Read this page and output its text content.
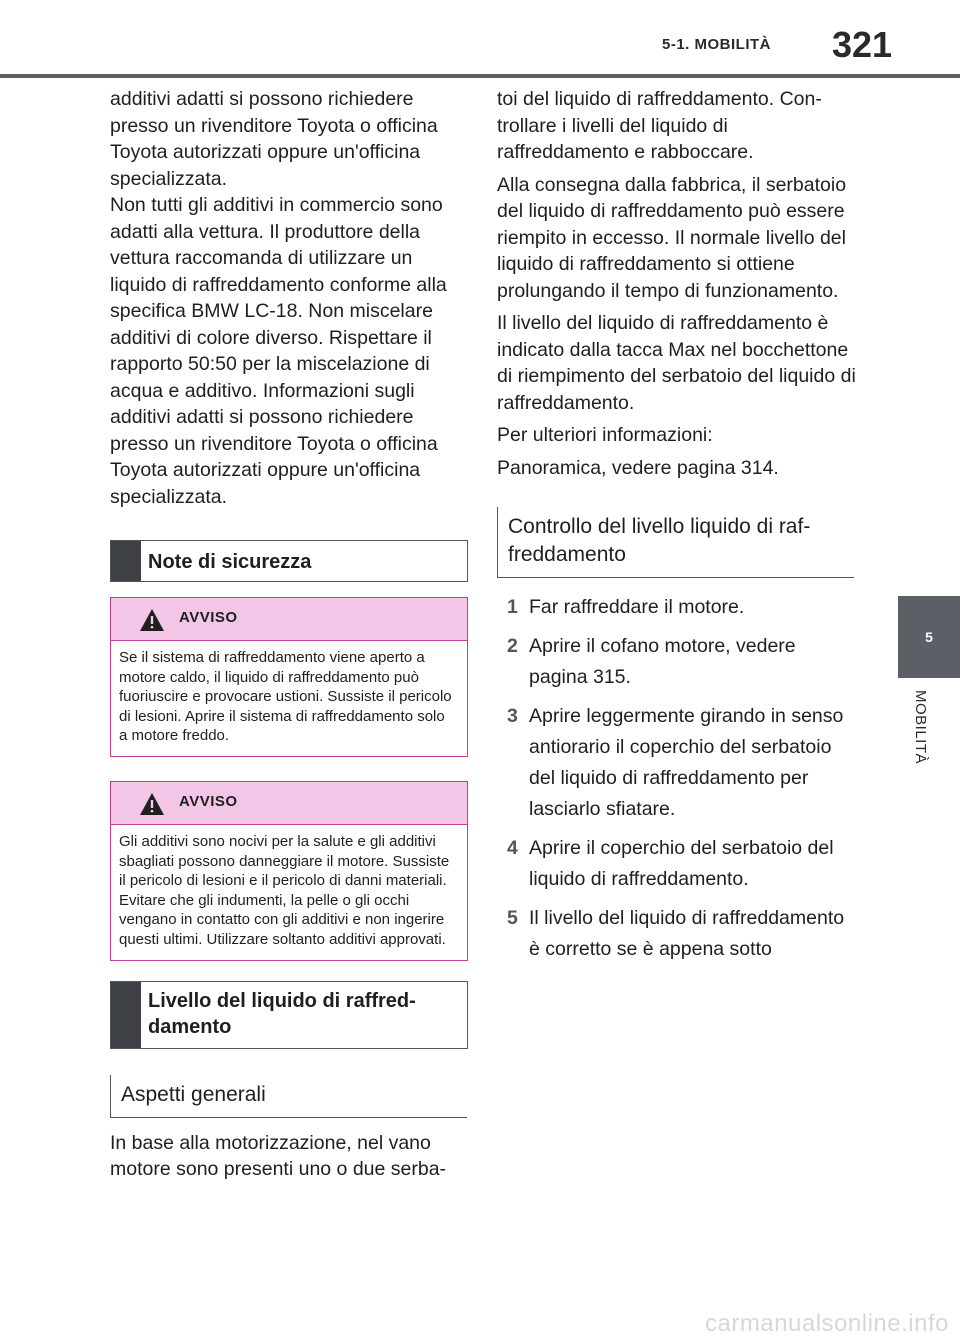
5-1. MOBILITÀ 321
5
MOBILITÀ

additivi adatti si possono richiedere presso un rivenditore Toyota o officina Toyota autorizzati oppure un'officina specializzata.

Non tutti gli additivi in commercio sono adatti alla vettura. Il produttore della vettura raccomanda di utilizzare un liquido di raffreddamento conforme alla specifica BMW LC-18. Non miscelare additivi di colore diverso. Rispettare il rapporto 50:50 per la miscelazione di acqua e additivo. Informazioni sugli additivi adatti si possono richiedere presso un rivenditore Toyota o officina Toyota autorizzati oppure un'officina specializzata.

Note di sicurezza
AVVISO
Se il sistema di raffreddamento viene aperto a motore caldo, il liquido di raffreddamento può fuoriuscire e provocare ustioni. Sussiste il pericolo di lesioni. Aprire il sistema di raffreddamento solo a motore freddo.
AVVISO
Gli additivi sono nocivi per la salute e gli additivi sbagliati possono danneggiare il motore. Sussiste il pericolo di lesioni e il pericolo di danni materiali. Evitare che gli indumenti, la pelle o gli occhi vengano in contatto con gli additivi e non ingerire questi ultimi. Utilizzare soltanto additivi approvati.
Livello del liquido di raffreddamento
Aspetti generali

In base alla motorizzazione, nel vano motore sono presenti uno o due serba-

toi del liquido di raffreddamento. Controllare i livelli del liquido di raffreddamento e rabboccare.

Alla consegna dalla fabbrica, il serbatoio del liquido di raffreddamento può essere riempito in eccesso. Il normale livello del liquido di raffreddamento si ottiene prolungando il tempo di funzionamento.

Il livello del liquido di raffreddamento è indicato dalla tacca Max nel bocchettone di riempimento del serbatoio del liquido di raffreddamento.

Per ulteriori informazioni:

Panoramica, vedere pagina 314.

Controllo del livello liquido di raffreddamento
1 Far raffreddare il motore.
2 Aprire il cofano motore, vedere pagina 315.
3 Aprire leggermente girando in senso antiorario il coperchio del serbatoio del liquido di raffreddamento per lasciarlo sfiatare.
4 Aprire il coperchio del serbatoio del liquido di raffreddamento.
5 Il livello del liquido di raffreddamento è corretto se è appena sotto
carmanualsonline.info
